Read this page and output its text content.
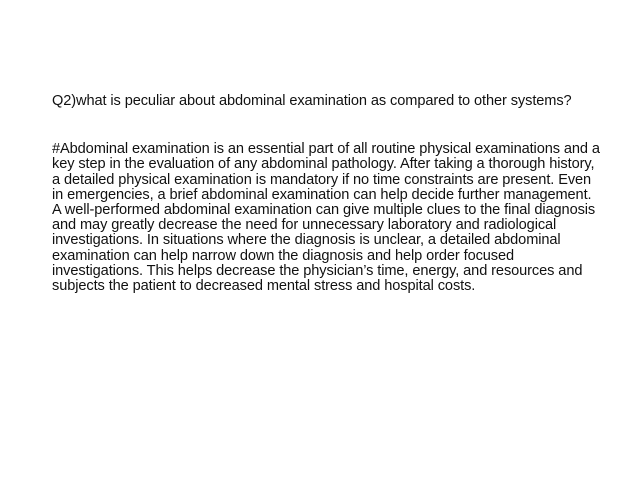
Q2)what is peculiar about abdominal examination as compared to other systems?

#Abdominal examination is an essential part of all routine physical examinations and a key step in the evaluation of any abdominal pathology. After taking a thorough history, a detailed physical examination is mandatory if no time constraints are present. Even in emergencies, a brief abdominal examination can help decide further management. A well-performed abdominal examination can give multiple clues to the final diagnosis and may greatly decrease the need for unnecessary laboratory and radiological investigations. In situations where the diagnosis is unclear, a detailed abdominal examination can help narrow down the diagnosis and help order focused investigations. This helps decrease the physician’s time, energy, and resources and subjects the patient to decreased mental stress and hospital costs.
